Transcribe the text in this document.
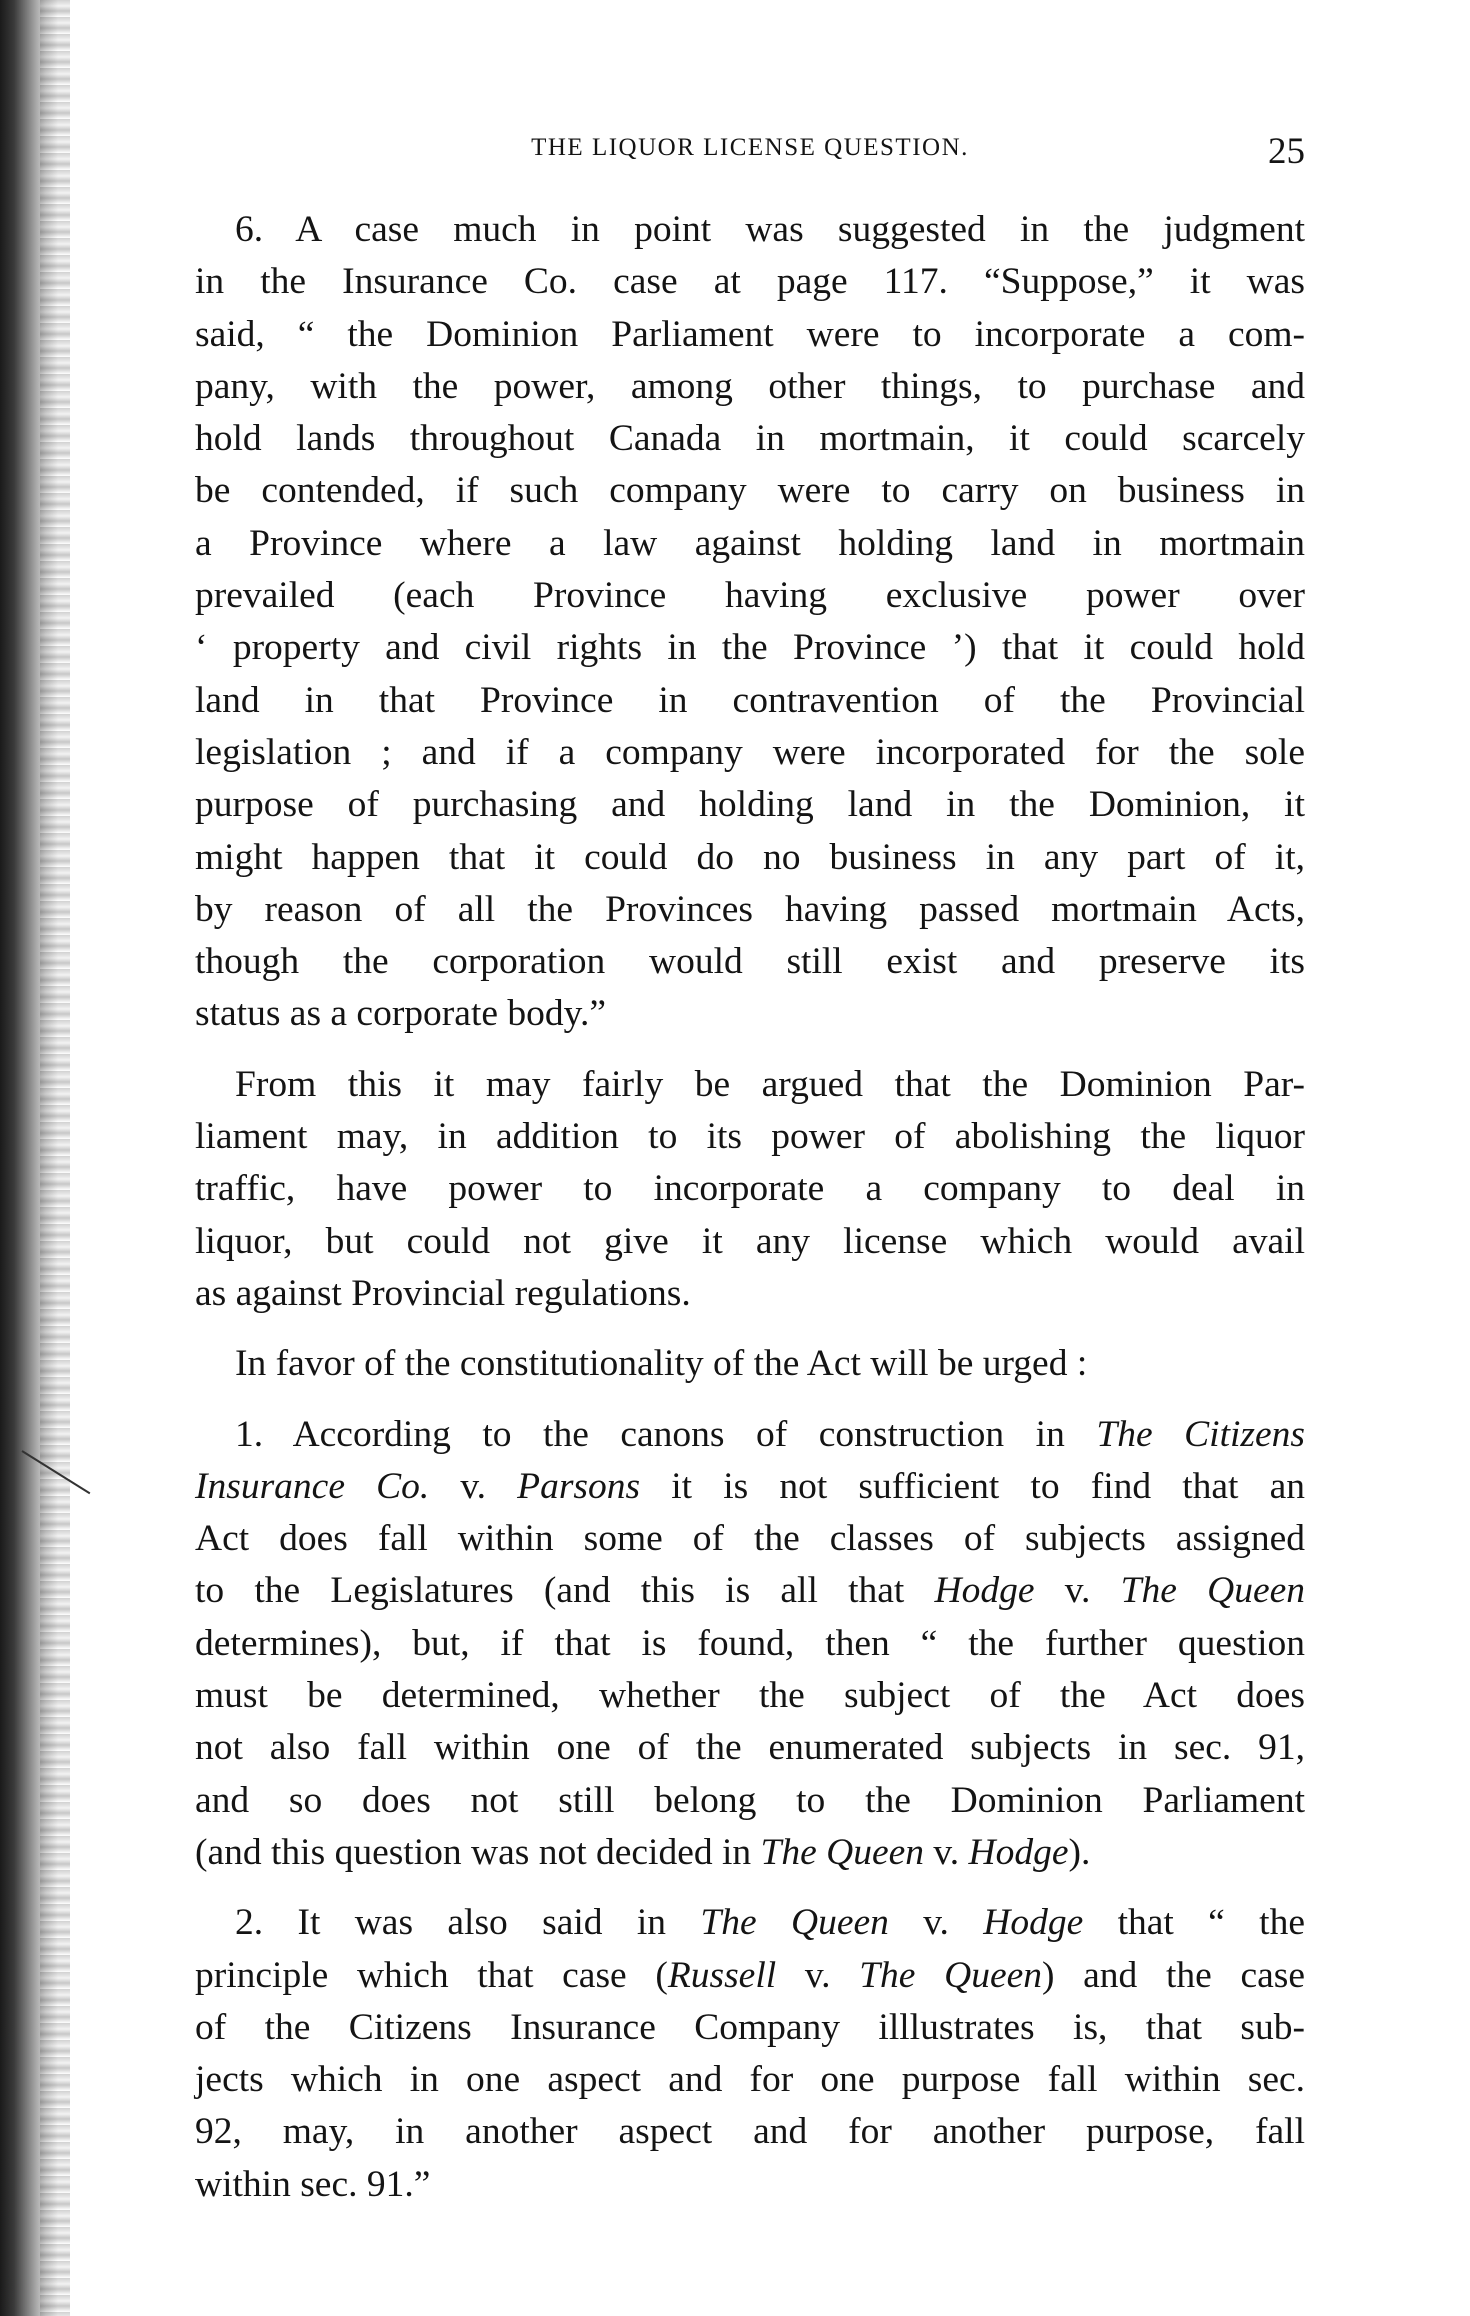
THE LIQUOR LICENSE QUESTION.	25

6. A case much in point was suggested in the judgment
in the Insurance Co. case at page 117. “Suppose,” it was
said, “ the Dominion Parliament were to incorporate a com-
pany, with the power, among other things, to purchase and
hold lands throughout Canada in mortmain, it could scarcely
be contended, if such company were to carry on business in
a Province where a law against holding land in mortmain
prevailed (each Province having exclusive power over
‘ property and civil rights in the Province ’) that it could hold
land in that Province in contravention of the Provincial
legislation ; and if a company were incorporated for the sole
purpose of purchasing and holding land in the Dominion, it
might happen that it could do no business in any part of it,
by reason of all the Provinces having passed mortmain Acts,
though the corporation would still exist and preserve its
status as a corporate body.”

From this it may fairly be argued that the Dominion Par-
liament may, in addition to its power of abolishing the liquor
traffic, have power to incorporate a company to deal in
liquor, but could not give it any license which would avail
as against Provincial regulations.

In favor of the constitutionality of the Act will be urged :

1. According to the canons of construction in The Citizens
Insurance Co. v. Parsons it is not sufficient to find that an
Act does fall within some of the classes of subjects assigned
to the Legislatures (and this is all that Hodge v. The Queen
determines), but, if that is found, then “ the further question
must be determined, whether the subject of the Act does
not also fall within one of the enumerated subjects in sec. 91,
and so does not still belong to the Dominion Parliament
(and this question was not decided in The Queen v. Hodge).

2. It was also said in The Queen v. Hodge that “ the
principle which that case (Russell v. The Queen) and the case
of the Citizens Insurance Company illlustrates is, that sub-
jects which in one aspect and for one purpose fall within sec.
92, may, in another aspect and for another purpose, fall
within sec. 91.”
